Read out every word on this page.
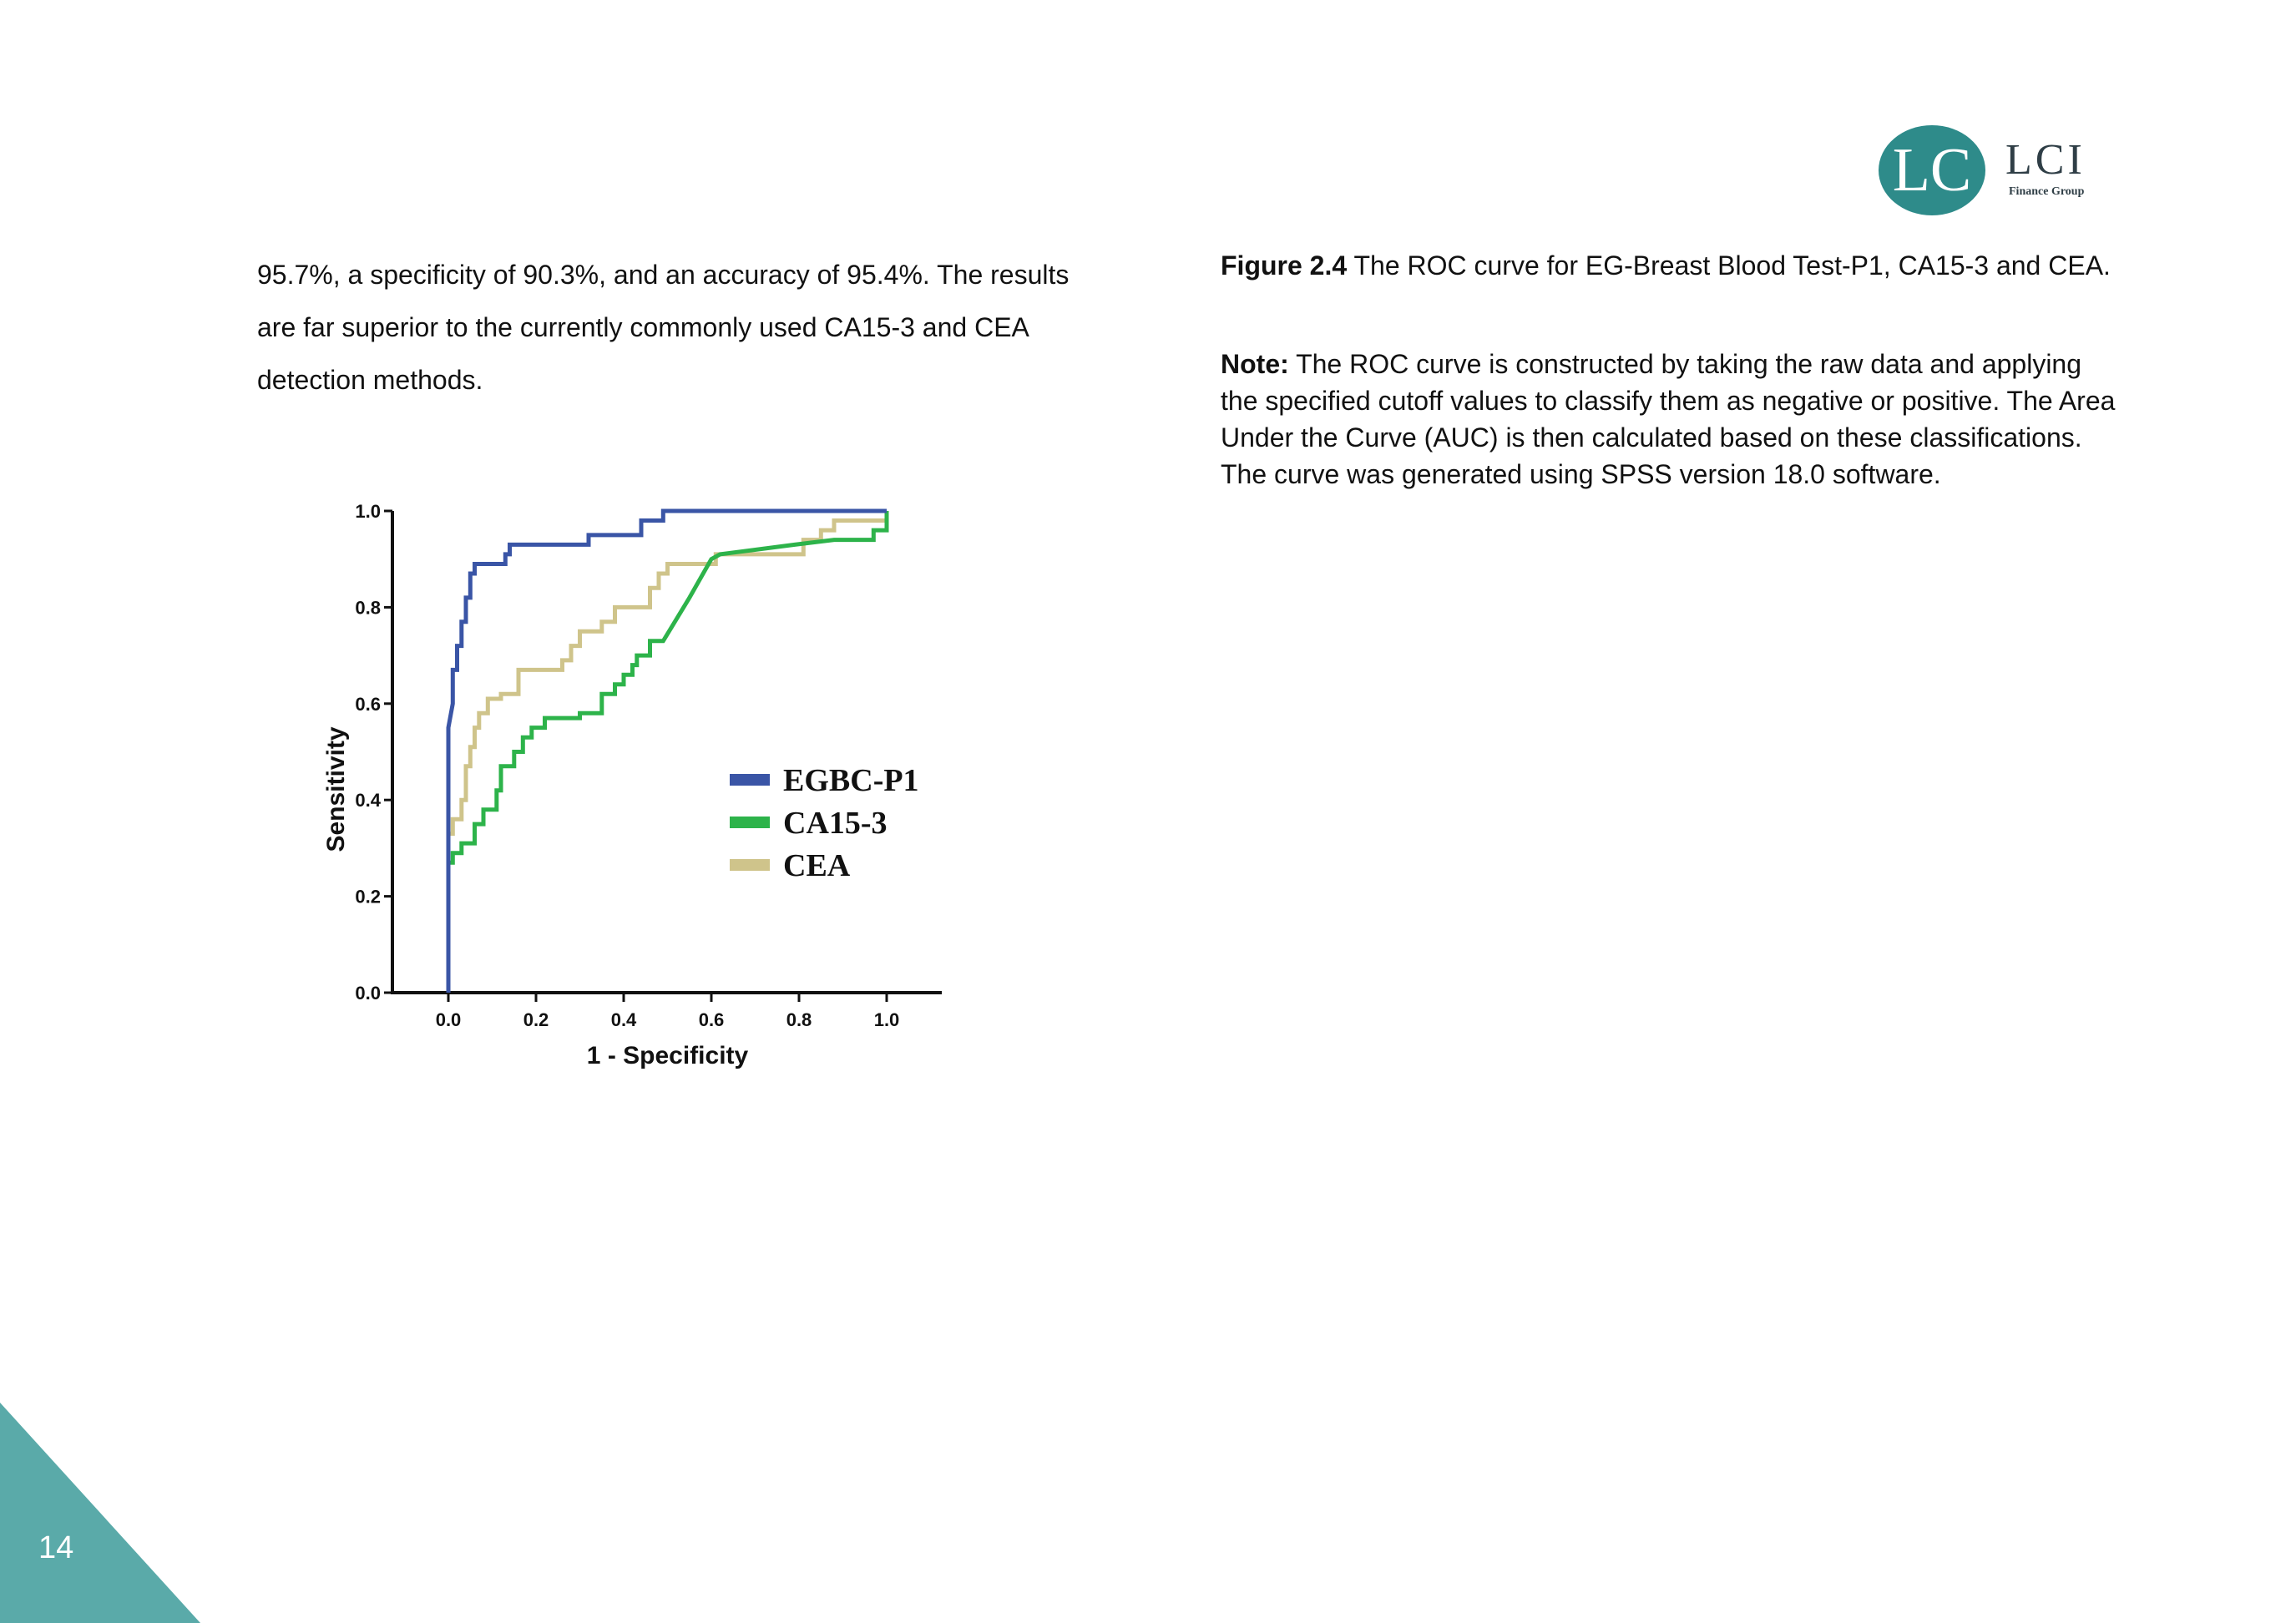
LC LCI
Finance Group

95.7%, a specificity of 90.3%, and an accuracy of 95.4%. The results are far superior to the currently commonly used CA15-3 and CEA detection methods.

Figure 2.4 The ROC curve for EG-Breast Blood Test-P1, CA15-3 and CEA.

Note: The ROC curve is constructed by taking the raw data and applying the specified cutoff values to classify them as negative or positive. The Area Under the Curve (AUC) is then calculated based on these classifications. The curve was generated using SPSS version 18.0 software.

0.0	0.2	0.4	0.6	0.8	1.0
0.0
0.2
0.4
0.6
0.8
1.0
1 - Specificity
Sensitivity	EGBC-P1
CA15-3
CEA
14
